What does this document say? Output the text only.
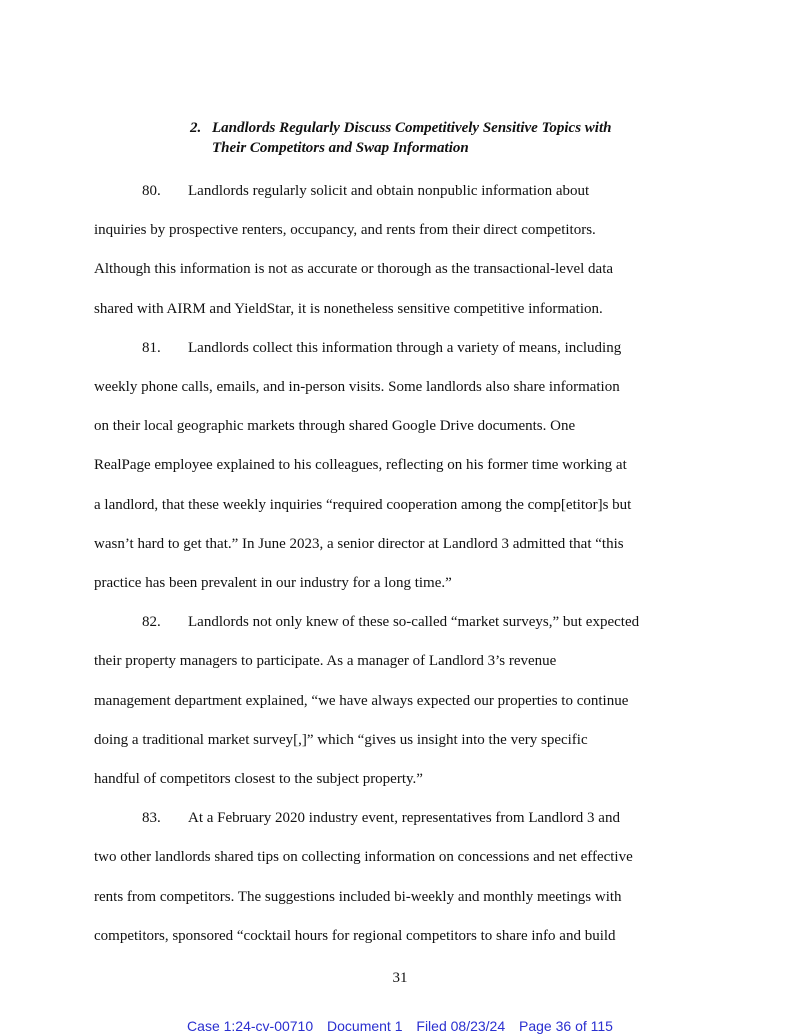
2. Landlords Regularly Discuss Competitively Sensitive Topics with
Their Competitors and Swap Information

80. Landlords regularly solicit and obtain nonpublic information about
inquiries by prospective renters, occupancy, and rents from their direct competitors.
Although this information is not as accurate or thorough as the transactional-level data
shared with AIRM and YieldStar, it is nonetheless sensitive competitive information.

81. Landlords collect this information through a variety of means, including
weekly phone calls, emails, and in-person visits. Some landlords also share information
on their local geographic markets through shared Google Drive documents. One
RealPage employee explained to his colleagues, reflecting on his former time working at
a landlord, that these weekly inquiries “required cooperation among the comp[etitor]s but
wasn’t hard to get that.” In June 2023, a senior director at Landlord 3 admitted that “this
practice has been prevalent in our industry for a long time.”

82. Landlords not only knew of these so-called “market surveys,” but expected
their property managers to participate. As a manager of Landlord 3’s revenue
management department explained, “we have always expected our properties to continue
doing a traditional market survey[,]” which “gives us insight into the very specific
handful of competitors closest to the subject property.”

83. At a February 2020 industry event, representatives from Landlord 3 and
two other landlords shared tips on collecting information on concessions and net effective
rents from competitors. The suggestions included bi-weekly and monthly meetings with
competitors, sponsored “cocktail hours for regional competitors to share info and build

31
Case 1:24-cv-00710 Document 1 Filed 08/23/24 Page 36 of 115
